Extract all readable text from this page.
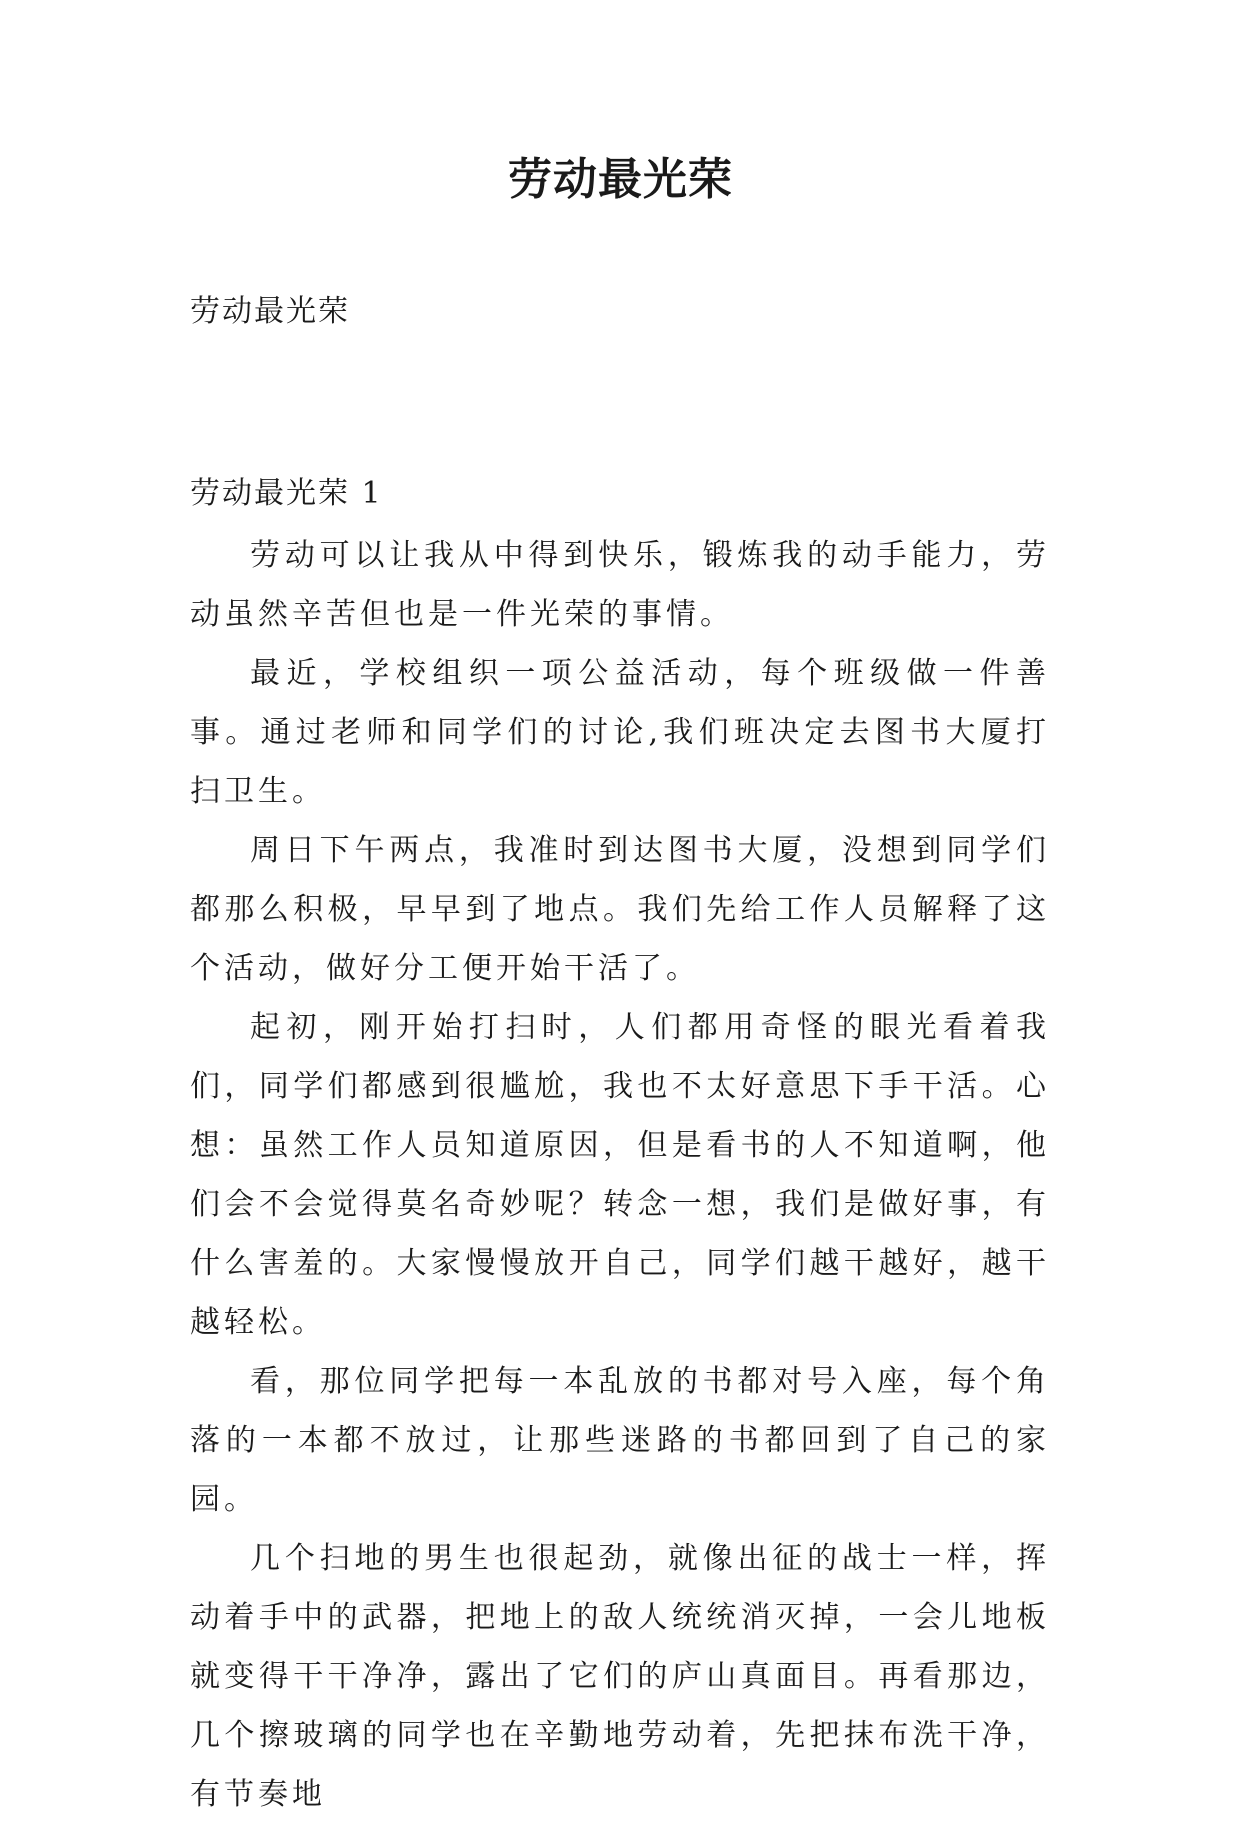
劳动最光荣
劳动最光荣
劳动最光荣 1

劳动可以让我从中得到快乐，锻炼我的动手能力，劳动虽然辛苦但也是一件光荣的事情。

最近，学校组织一项公益活动，每个班级做一件善事。通过老师和同学们的讨论,我们班决定去图书大厦打扫卫生。

周日下午两点，我准时到达图书大厦，没想到同学们都那么积极，早早到了地点。我们先给工作人员解释了这个活动，做好分工便开始干活了。

起初，刚开始打扫时，人们都用奇怪的眼光看着我们，同学们都感到很尴尬，我也不太好意思下手干活。心想：虽然工作人员知道原因，但是看书的人不知道啊，他们会不会觉得莫名奇妙呢？转念一想，我们是做好事，有什么害羞的。大家慢慢放开自己，同学们越干越好，越干越轻松。

看，那位同学把每一本乱放的书都对号入座，每个角落的一本都不放过，让那些迷路的书都回到了自己的家园。

几个扫地的男生也很起劲，就像出征的战士一样，挥动着手中的武器，把地上的敌人统统消灭掉，一会儿地板就变得干干净净，露出了它们的庐山真面目。再看那边，几个擦玻璃的同学也在辛勤地劳动着，先把抹布洗干净，有节奏地
